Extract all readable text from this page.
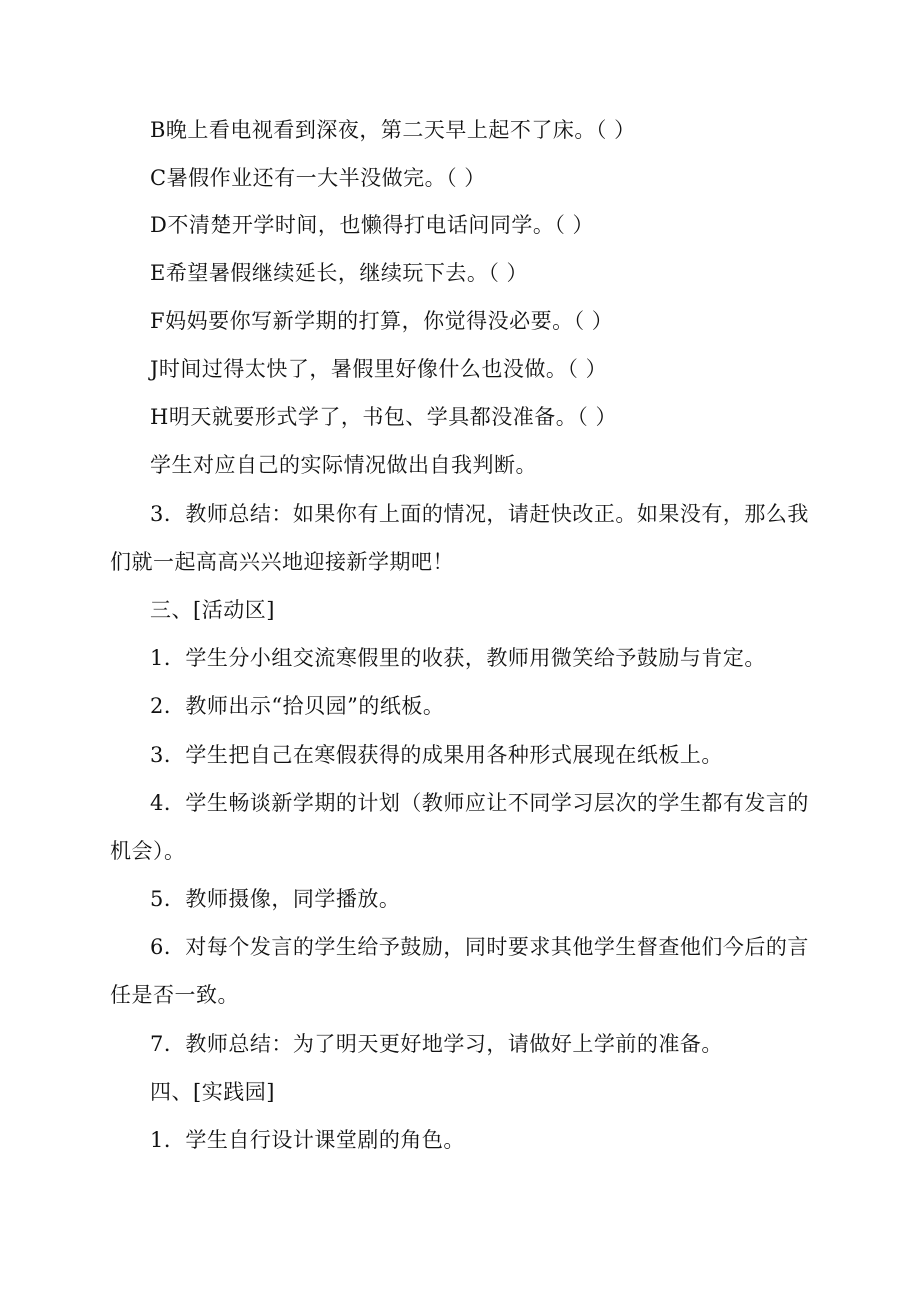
B晚上看电视看到深夜，第二天早上起不了床。（ ）
C暑假作业还有一大半没做完。（ ）
D不清楚开学时间，也懒得打电话问同学。（ ）
E希望暑假继续延长，继续玩下去。（ ）
F妈妈要你写新学期的打算，你觉得没必要。（ ）
J时间过得太快了，暑假里好像什么也没做。（ ）
H明天就要形式学了，书包、学具都没准备。（ ）
学生对应自己的实际情况做出自我判断。
3．教师总结：如果你有上面的情况，请赶快改正。如果没有，那么我
们就一起高高兴兴地迎接新学期吧！
三、[活动区]
1．学生分小组交流寒假里的收获，教师用微笑给予鼓励与肯定。
2．教师出示“拾贝园”的纸板。
3．学生把自己在寒假获得的成果用各种形式展现在纸板上。
4．学生畅谈新学期的计划（教师应让不同学习层次的学生都有发言的
机会）。
5．教师摄像，同学播放。
6．对每个发言的学生给予鼓励，同时要求其他学生督查他们今后的言
任是否一致。
7．教师总结：为了明天更好地学习，请做好上学前的准备。
四、[实践园]
1．学生自行设计课堂剧的角色。
